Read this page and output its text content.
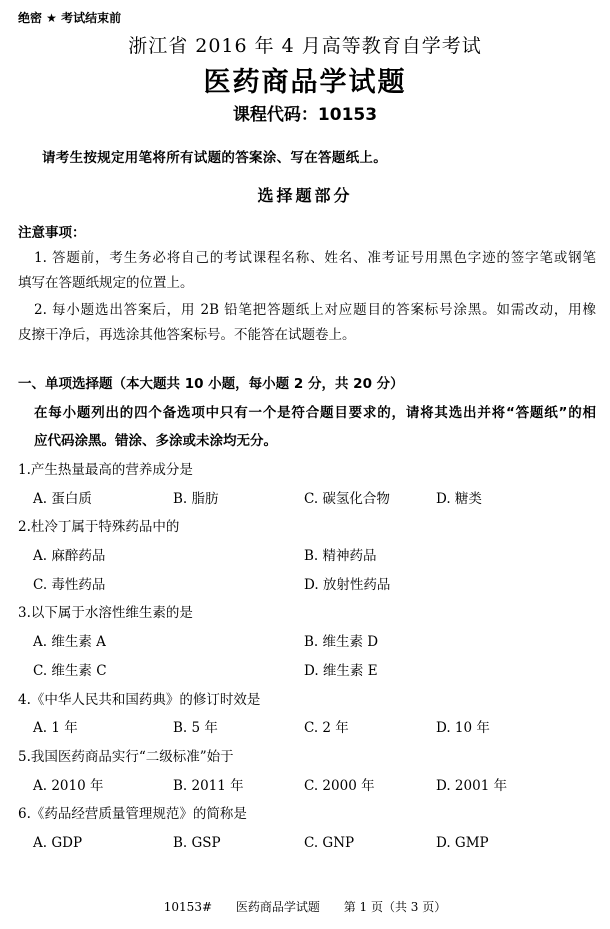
绝密 ★ 考试结束前
浙江省 2016 年 4 月高等教育自学考试
医药商品学试题
课程代码：10153
请考生按规定用笔将所有试题的答案涂、写在答题纸上。
选择题部分
注意事项：
1. 答题前，考生务必将自己的考试课程名称、姓名、准考证号用黑色字迹的签字笔或钢笔
填写在答题纸规定的位置上。
2. 每小题选出答案后，用 2B 铅笔把答题纸上对应题目的答案标号涂黑。如需改动，用橡
皮擦干净后，再选涂其他答案标号。不能答在试题卷上。
一、单项选择题（本大题共 10 小题，每小题 2 分，共 20 分）
在每小题列出的四个备选项中只有一个是符合题目要求的，请将其选出并将“答题纸”的相
应代码涂黑。错涂、多涂或未涂均无分。
1.产生热量最高的营养成分是
A. 蛋白质	B. 脂肪	C. 碳氢化合物	D. 糖类
2.杜冷丁属于特殊药品中的
A. 麻醉药品	B. 精神药品
C. 毒性药品	D. 放射性药品
3.以下属于水溶性维生素的是
A. 维生素 A	B. 维生素 D
C. 维生素 C	D. 维生素 E
4.《中华人民共和国药典》的修订时效是
A. 1 年	B. 5 年	C. 2 年	D. 10 年
5.我国医药商品实行“二级标准”始于
A. 2010 年	B. 2011 年	C. 2000 年	D. 2001 年
6.《药品经营质量管理规范》的简称是
A. GDP	B. GSP	C. GNP	D. GMP
10153# 医药商品学试题 第 1 页（共 3 页）
